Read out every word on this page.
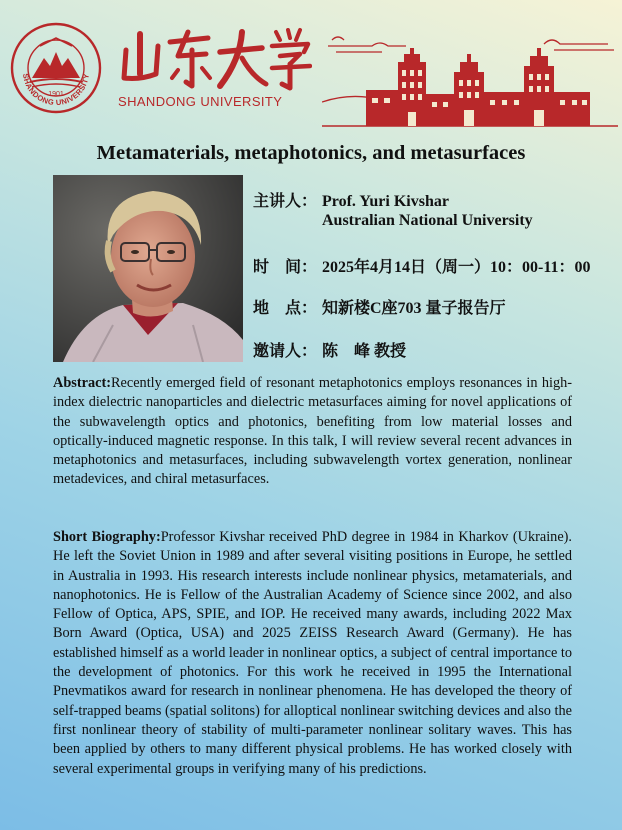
1901
SHANDONG UNIVERSITY
SHANDONG UNIVERSITY
Metamaterials, metaphotonics, and metasurfaces
主讲人： Prof. Yuri Kivshar
Australian National University
时　间： 2025年4月14日（周一）10：00-11：00
地　点： 知新楼C座703 量子报告厅
邀请人： 陈　峰 教授

Abstract:Recently emerged field of resonant metaphotonics employs resonances in high-index dielectric nanoparticles and dielectric metasurfaces aiming for novel applications of the subwavelength optics and photonics, benefiting from low material losses and optically-induced magnetic response. In this talk, I will review several recent advances in metaphotonics and metasurfaces, including subwavelength vortex generation, nonlinear metadevices, and chiral metasurfaces.

Short Biography:Professor Kivshar received PhD degree in 1984 in Kharkov (Ukraine). He left the Soviet Union in 1989 and after several visiting positions in Europe, he settled in Australia in 1993. His research interests include nonlinear physics, metamaterials, and nanophotonics. He is Fellow of the Australian Academy of Science since 2002, and also Fellow of Optica, APS, SPIE, and IOP. He received many awards, including 2022 Max Born Award (Optica, USA) and 2025 ZEISS Research Award (Germany). He has established himself as a world leader in nonlinear optics, a subject of central importance to the development of photonics. For this work he received in 1995 the International Pnevmatikos award for research in nonlinear phenomena. He has developed the theory of self-trapped beams (spatial solitons) for alloptical nonlinear switching devices and also the first nonlinear theory of stability of multi-parameter nonlinear solitary waves. This has been applied by others to many different physical problems. He has worked closely with several experimental groups in verifying many of his predictions.
